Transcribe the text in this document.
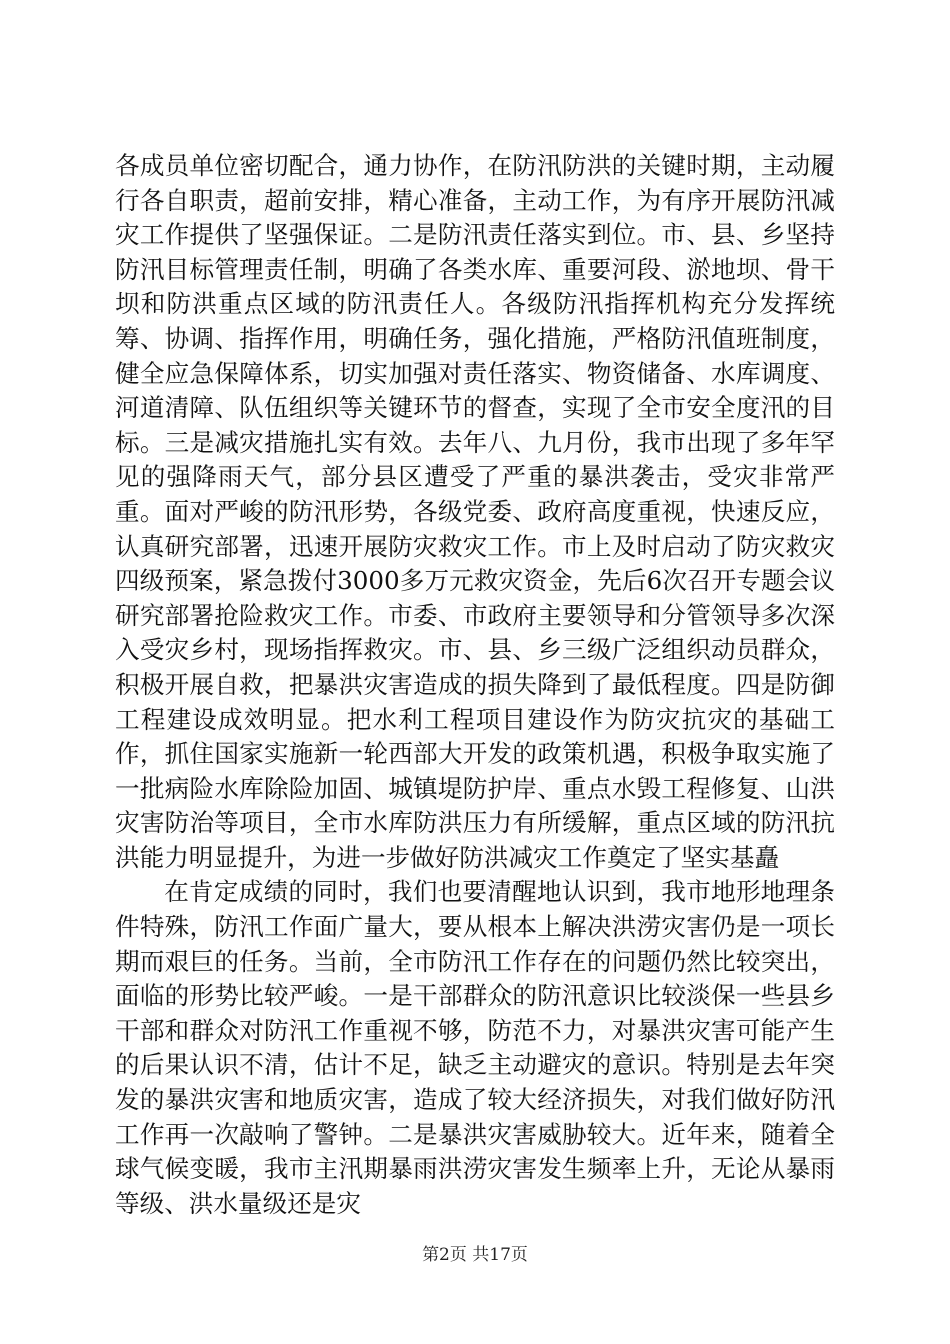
各成员单位密切配合，通力协作，在防汛防洪的关键时期，主动履行各自职责，超前安排，精心准备，主动工作，为有序开展防汛减灾工作提供了坚强保证。二是防汛责任落实到位。市、县、乡坚持防汛目标管理责任制，明确了各类水库、重要河段、淤地坝、骨干坝和防洪重点区域的防汛责任人。各级防汛指挥机构充分发挥统筹、协调、指挥作用，明确任务，强化措施，严格防汛值班制度，健全应急保障体系，切实加强对责任落实、物资储备、水库调度、河道清障、队伍组织等关键环节的督查，实现了全市安全度汛的目标。三是减灾措施扎实有效。去年八、九月份，我市出现了多年罕见的强降雨天气，部分县区遭受了严重的暴洪袭击，受灾非常严重。面对严峻的防汛形势，各级党委、政府高度重视，快速反应，认真研究部署，迅速开展防灾救灾工作。市上及时启动了防灾救灾四级预案，紧急拨付3000多万元救灾资金，先后6次召开专题会议研究部署抢险救灾工作。市委、市政府主要领导和分管领导多次深入受灾乡村，现场指挥救灾。市、县、乡三级广泛组织动员群众，积极开展自救，把暴洪灾害造成的损失降到了最低程度。四是防御工程建设成效明显。把水利工程项目建设作为防灾抗灾的基础工作，抓住国家实施新一轮西部大开发的政策机遇，积极争取实施了一批病险水库除险加固、城镇堤防护岸、重点水毁工程修复、山洪灾害防治等项目，全市水库防洪压力有所缓解，重点区域的防汛抗洪能力明显提升，为进一步做好防洪减灾工作奠定了坚实基矗

在肯定成绩的同时，我们也要清醒地认识到，我市地形地理条件特殊，防汛工作面广量大，要从根本上解决洪涝灾害仍是一项长期而艰巨的任务。当前，全市防汛工作存在的问题仍然比较突出，面临的形势比较严峻。一是干部群众的防汛意识比较淡保一些县乡干部和群众对防汛工作重视不够，防范不力，对暴洪灾害可能产生的后果认识不清，估计不足，缺乏主动避灾的意识。特别是去年突发的暴洪灾害和地质灾害，造成了较大经济损失，对我们做好防汛工作再一次敲响了警钟。二是暴洪灾害威胁较大。近年来，随着全球气候变暖，我市主汛期暴雨洪涝灾害发生频率上升，无论从暴雨等级、洪水量级还是灾

第2页 共17页
